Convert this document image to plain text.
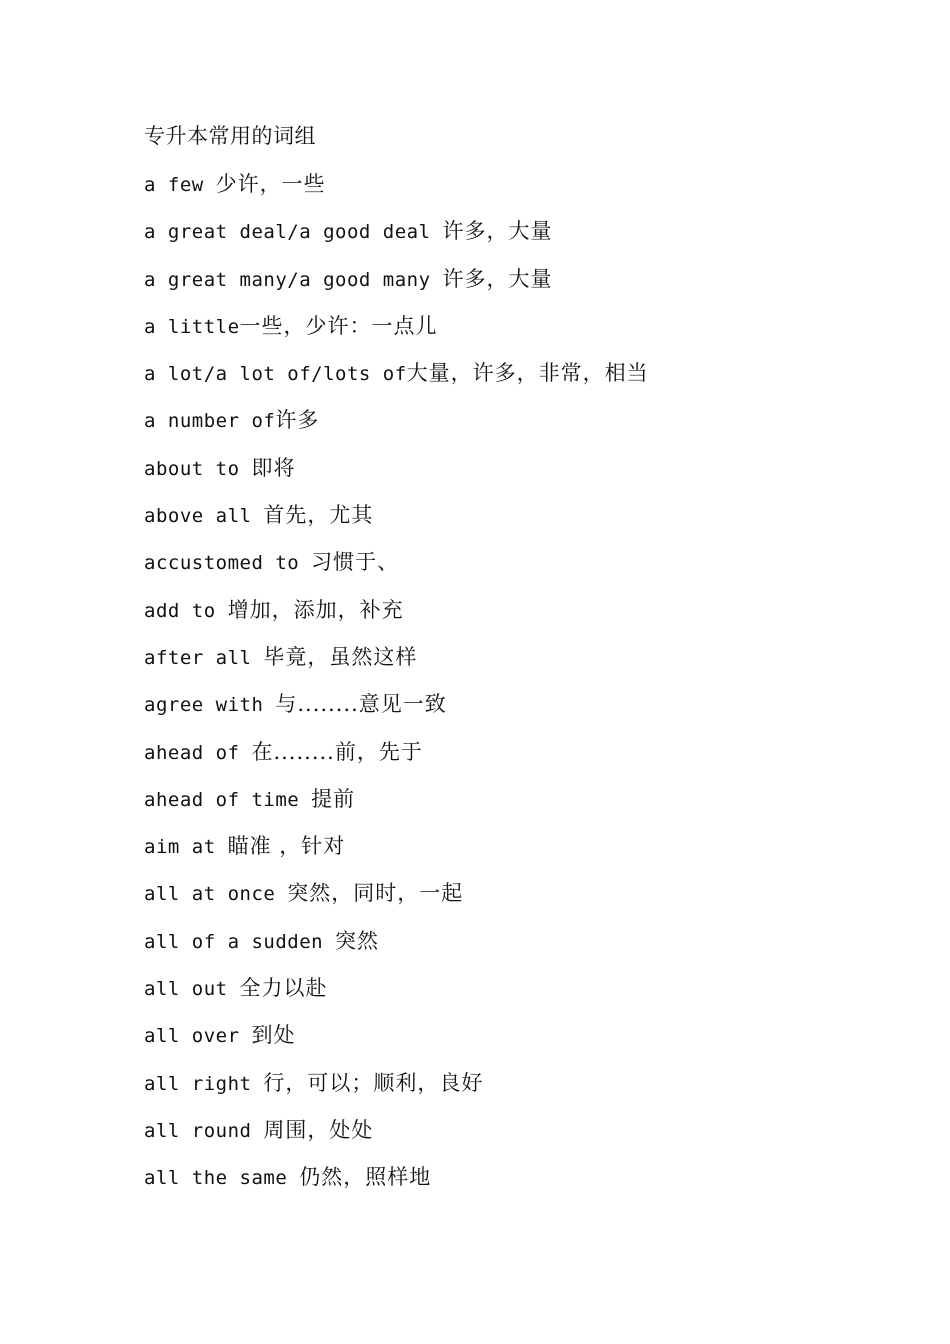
专升本常用的词组
a few 少许，一些
a great deal/a good deal 许多，大量
a great many/a good many 许多，大量
a little一些，少许：一点儿
a lot/a lot of/lots of大量，许多，非常，相当
a number of许多
about to 即将
above all 首先，尤其
accustomed to 习惯于、
add to 增加，添加，补充
after all 毕竟，虽然这样
agree with 与........意见一致
ahead of 在........前，先于
ahead of time 提前
aim at 瞄准 ，针对
all at once 突然，同时，一起
all of a sudden 突然
all out 全力以赴
all over 到处
all right 行，可以；顺利，良好
all round 周围，处处
all the same 仍然，照样地
